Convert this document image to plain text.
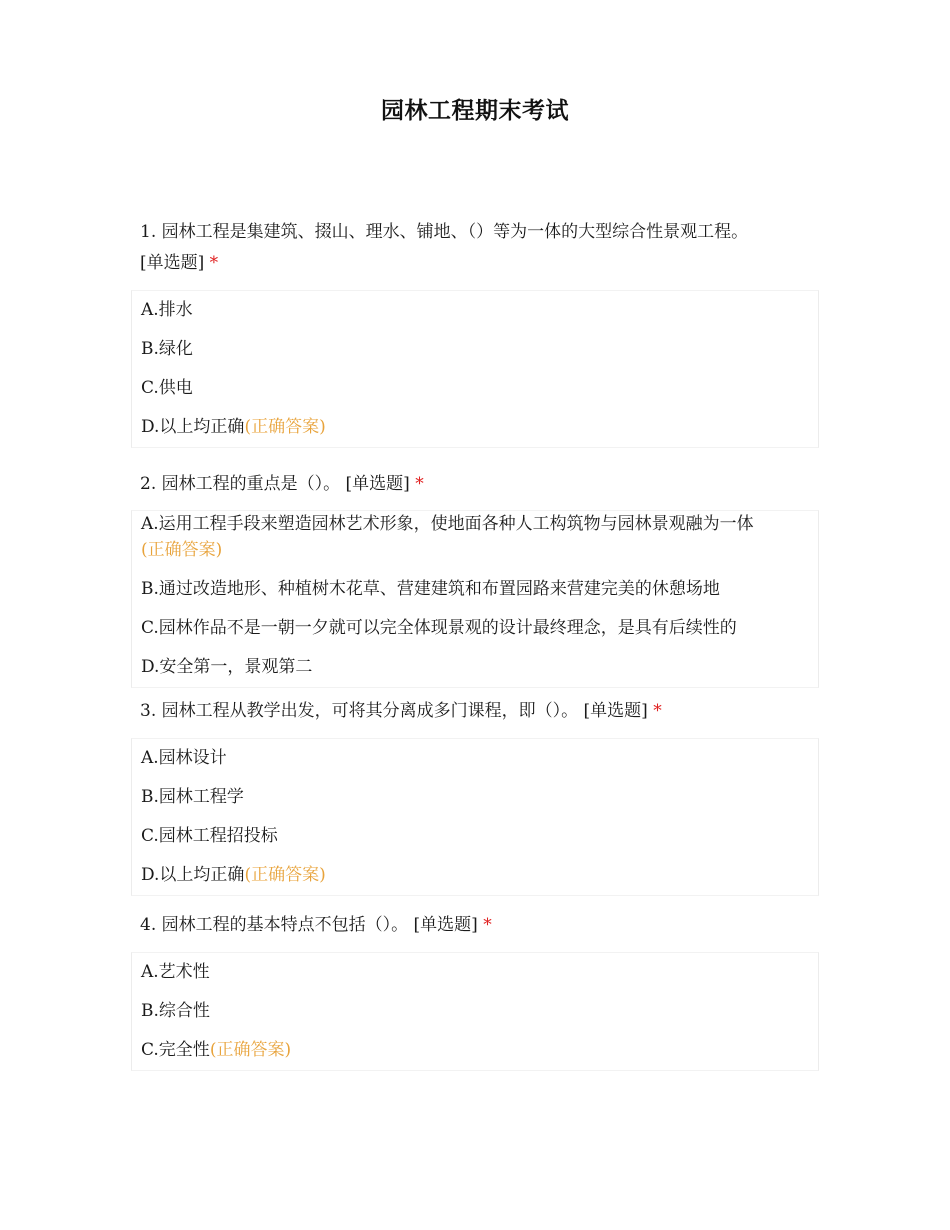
园林工程期末考试
1. 园林工程是集建筑、掇山、理水、铺地、（）等为一体的大型综合性景观工程。
[单选题] *
A.排水
B.绿化
C.供电
D.以上均正确(正确答案)
2. 园林工程的重点是（）。 [单选题] *
A.运用工程手段来塑造园林艺术形象，使地面各种人工构筑物与园林景观融为一体
(正确答案)
B.通过改造地形、种植树木花草、营建建筑和布置园路来营建完美的休憩场地
C.园林作品不是一朝一夕就可以完全体现景观的设计最终理念，是具有后续性的
D.安全第一，景观第二
3. 园林工程从教学出发，可将其分离成多门课程，即（）。 [单选题] *
A.园林设计
B.园林工程学
C.园林工程招投标
D.以上均正确(正确答案)
4. 园林工程的基本特点不包括（）。 [单选题] *
A.艺术性
B.综合性
C.完全性(正确答案)
